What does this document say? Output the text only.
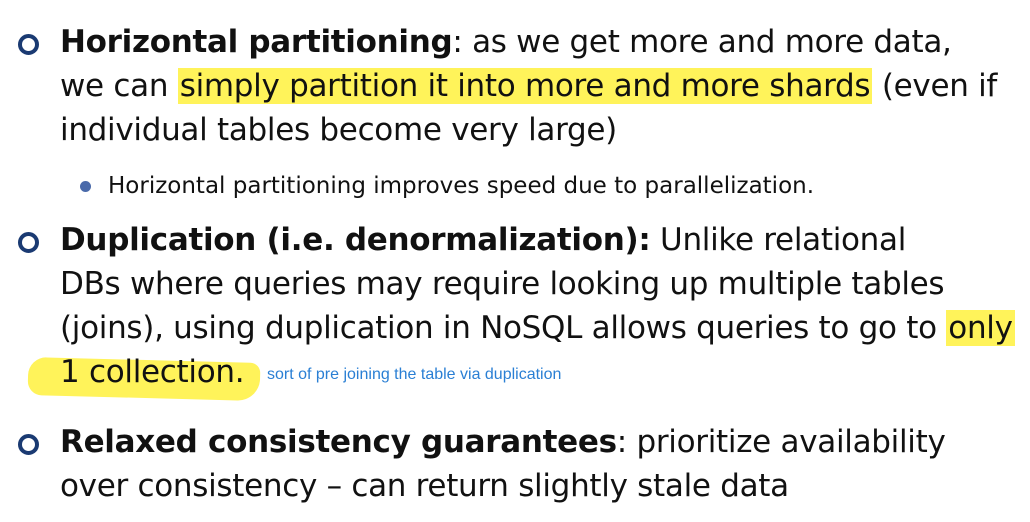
Horizontal partitioning: as we get more and more data,
we can simply partition it into more and more shards (even if
individual tables become very large)
Horizontal partitioning improves speed due to parallelization.
Duplication (i.e. denormalization): Unlike relational
DBs where queries may require looking up multiple tables
(joins), using duplication in NoSQL allows queries to go to only
1 collection.	sort of pre joining the table via duplication
Relaxed consistency guarantees: prioritize availability
over consistency – can return slightly stale data
